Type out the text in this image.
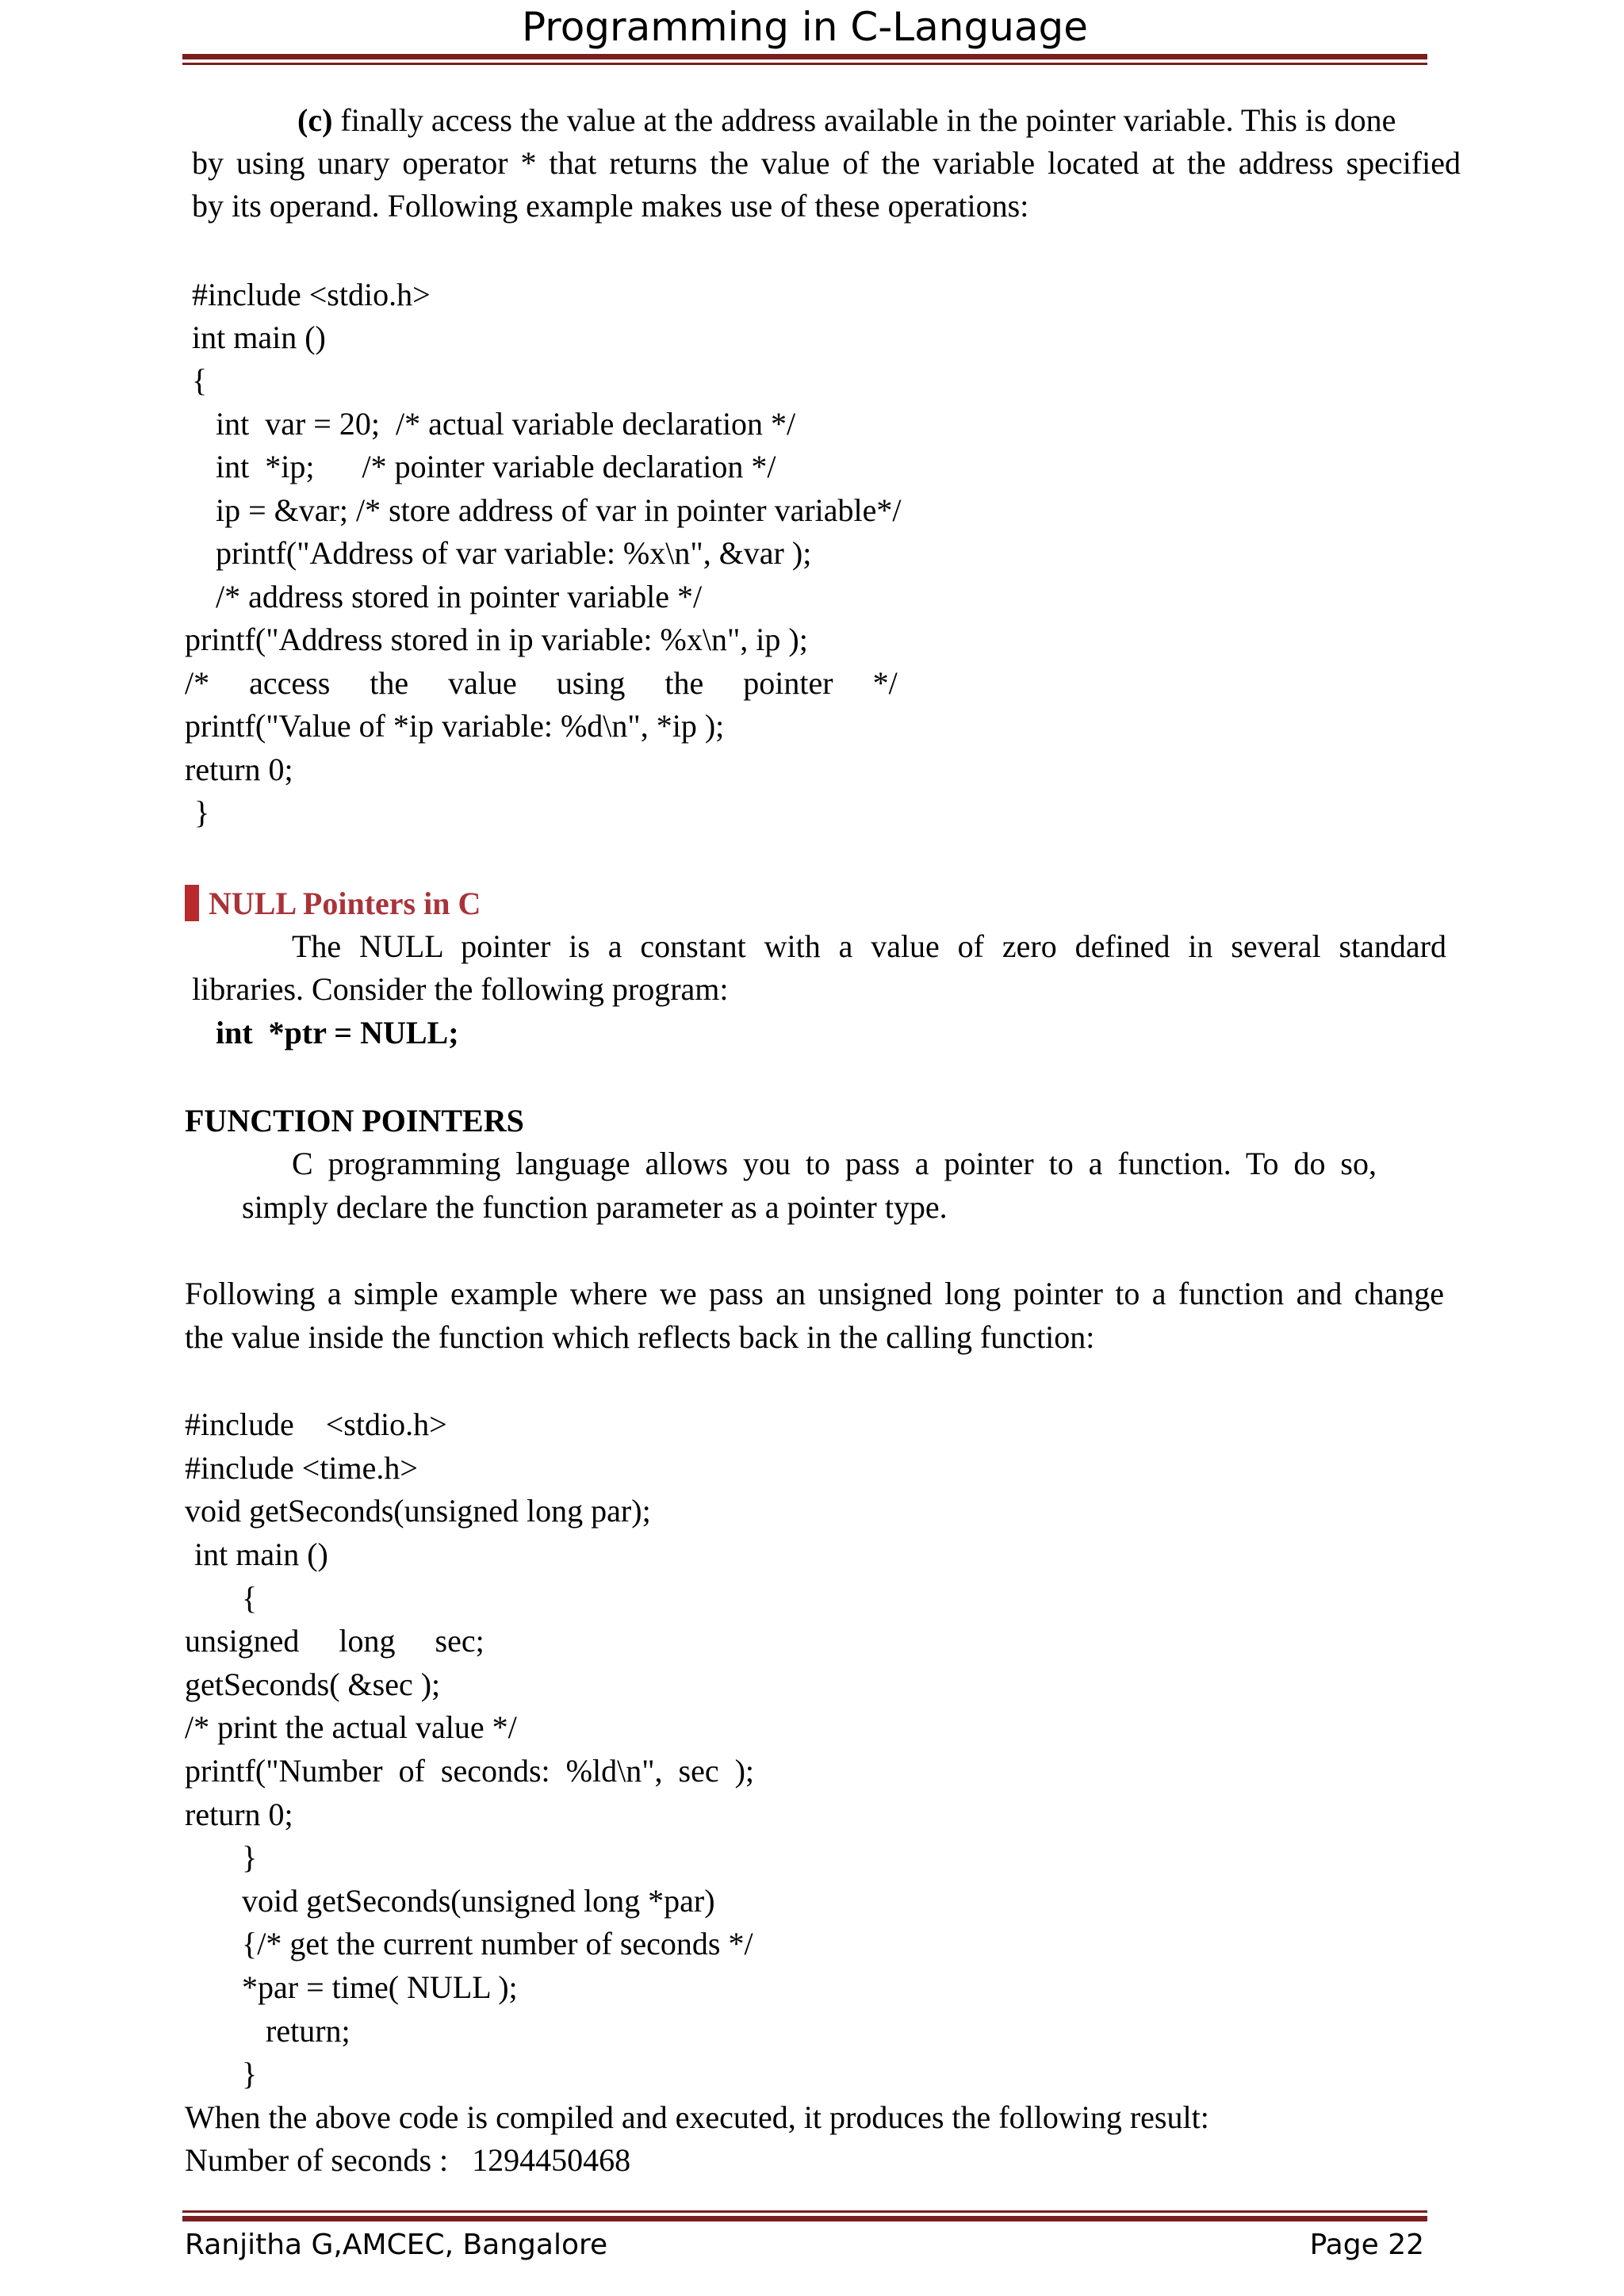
Programming in C-Language
(c) finally access the value at the address available in the pointer variable. This is done
by using unary operator * that returns the value of the variable located at the address specified
by its operand. Following example makes use of these operations:
#include <stdio.h>
int main ()
{
int  var = 20;  /* actual variable declaration */
int  *ip;      /* pointer variable declaration */
ip = &var; /* store address of var in pointer variable*/
printf("Address of var variable: %x\n", &var );
/* address stored in pointer variable */
printf("Address stored in ip variable: %x\n", ip );
/*     access     the     value     using     the     pointer     */
printf("Value of *ip variable: %d\n", *ip );
return 0;
}
NULL Pointers in C
The NULL pointer is a constant with a value of zero defined in several standard
libraries. Consider the following program:
int  *ptr = NULL;
FUNCTION POINTERS
C programming language allows you to pass a pointer to a function. To do so,
simply declare the function parameter as a pointer type.
Following a simple example where we pass an unsigned long pointer to a function and change
the value inside the function which reflects back in the calling function:
#include    <stdio.h>
#include <time.h>
void getSeconds(unsigned long par);
int main ()
{
unsigned     long     sec;
getSeconds( &sec );
/* print the actual value */
printf("Number  of  seconds:  %ld\n",  sec  );
return 0;
}
void getSeconds(unsigned long *par)
{/* get the current number of seconds */
*par = time( NULL );
return;
}
When the above code is compiled and executed, it produces the following result:
Number of seconds :   1294450468
Ranjitha G,AMCEC, Bangalore	Page 22
